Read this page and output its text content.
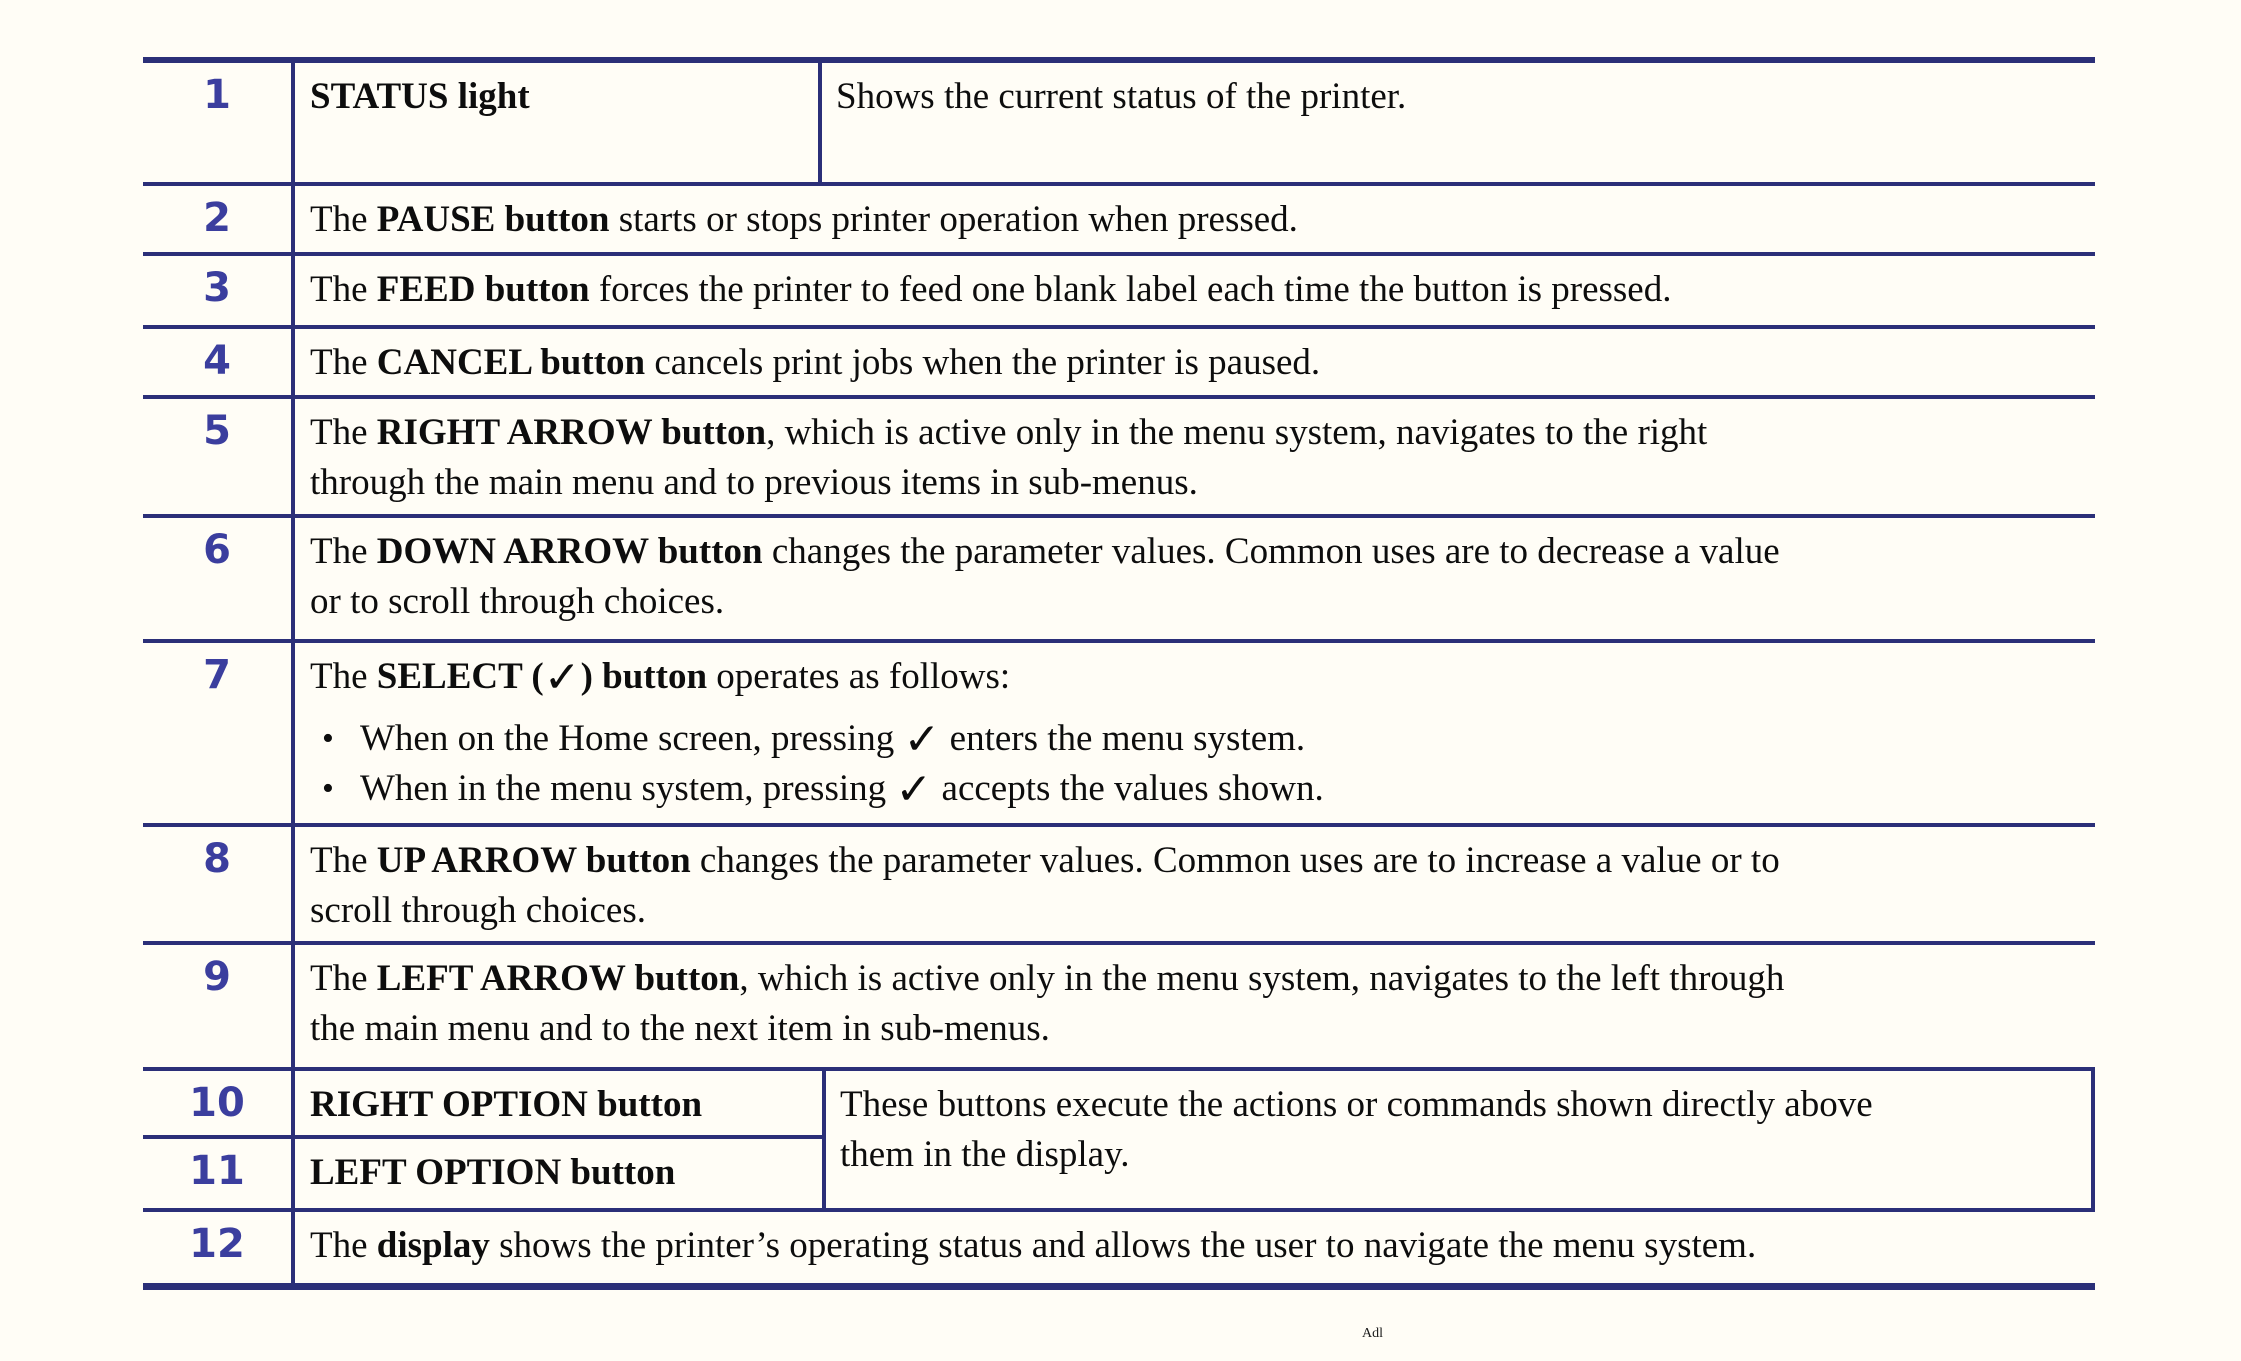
1	STATUS light	Shows the current status of the printer.
2	The PAUSE button starts or stops printer operation when pressed.
3	The FEED button forces the printer to feed one blank label each time the button is pressed.
4	The CANCEL button cancels print jobs when the printer is paused.
5	The RIGHT ARROW button, which is active only in the menu system, navigates to the right
through the main menu and to previous items in sub-menus.
6	The DOWN ARROW button changes the parameter values. Common uses are to decrease a value
or to scroll through choices.
7	The SELECT (✓) button operates as follows:
• When on the Home screen, pressing ✓ enters the menu system.
• When in the menu system, pressing ✓ accepts the values shown.
8	The UP ARROW button changes the parameter values. Common uses are to increase a value or to
scroll through choices.
9	The LEFT ARROW button, which is active only in the menu system, navigates to the left through
the main menu and to the next item in sub-menus.
10	RIGHT OPTION button
11	LEFT OPTION button
These buttons execute the actions or commands shown directly above
them in the display.
12	The display shows the printer’s operating status and allows the user to navigate the menu system.
Adl
